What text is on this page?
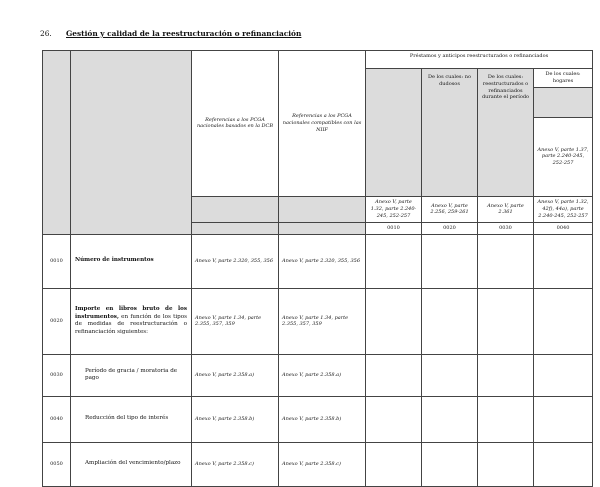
26. Gestión y calidad de la reestructuración o refinanciación
		Referencias a los PCGA nacionales basados en la DCB	Referencias a los PCGA nacionales compatibles con las NIIF	Préstamos y anticipos reestructurados o refinanciados				
					De los cuales: no dudosos	De los cuales: reestructurados o refinanciados durante el período	De los cuales: hogares	

							Anexo V, parte 1.37, parte 2.240-245, 252-257			
				Anexo V, parte 1.32, parte 2.240-245, 252-257	Anexo V, parte 2.256, 259-261	Anexo V, parte 2.361	Anexo V, parte 1.32, 42f), 44a), parte 2.240-245, 252-257	
				0010	0020	0030	0040	
0010	Número de instrumentos	Anexo V, parte 2.320, 355, 356	Anexo V, parte 2.320, 355, 356					
0020	Importe en libros bruto de los instrumentos, en función de los tipos de medidas de reestructuración o refinanciación siguientes:	Anexo V, parte 1.34, parte 2.355, 357, 359	Anexo V, parte 1.34, parte 2.355, 357, 359					
0030	Período de gracia / moratoria de pago	Anexo V, parte 2.358.a)	Anexo V, parte 2.358.a)					
0040	Reducción del tipo de interés	Anexo V, parte 2.358.b)	Anexo V, parte 2.358.b)					
0050	Ampliación del vencimiento/plazo	Anexo V, parte 2.358.c)	Anexo V, parte 2.358.c)					
